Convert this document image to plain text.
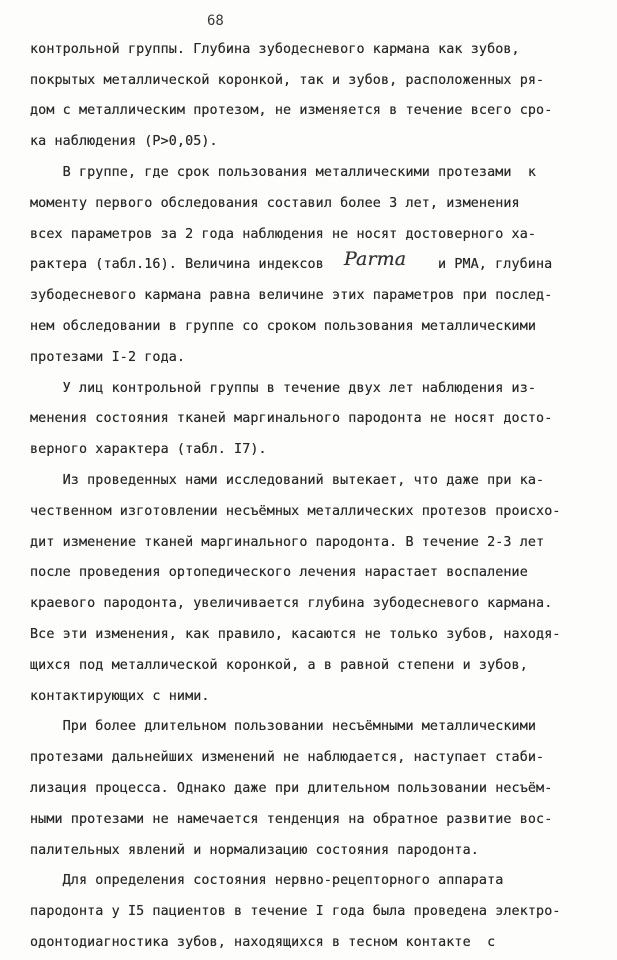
68
контрольной группы. Глубина зубодесневого кармана как зубов,
покрытых металлической коронкой, так и зубов, расположенных ря-
дом с металлическим протезом, не изменяется в течение всего сро-
ка наблюдения (P>0,05).
В группе, где срок пользования металлическими протезами  к
моменту первого обследования составил более 3 лет, изменения
всех параметров за 2 года наблюдения не носят достоверного ха-
рактера (табл.16). Величина индексов Parma и PMA, глубина
зубодесневого кармана равна величине этих параметров при послед-
нем обследовании в группе со сроком пользования металлическими
протезами I-2 года.
У лиц контрольной группы в течение двух лет наблюдения из-
менения состояния тканей маргинального пародонта не носят досто-
верного характера (табл. I7).
Из проведенных нами исследований вытекает, что даже при ка-
чественном изготовлении несъёмных металлических протезов происхо-
дит изменение тканей маргинального пародонта. В течение 2-3 лет
после проведения ортопедического лечения нарастает воспаление
краевого пародонта, увеличивается глубина зубодесневого кармана.
Все эти изменения, как правило, касаются не только зубов, находя-
щихся под металлической коронкой, а в равной степени и зубов,
контактирующих с ними.
При более длительном пользовании несъёмными металлическими
протезами дальнейших изменений не наблюдается, наступает стаби-
лизация процесса. Однако даже при длительном пользовании несъём-
ными протезами не намечается тенденция на обратное развитие вос-
палительных явлений и нормализацию состояния пародонта.
Для определения состояния нервно-рецепторного аппарата
пародонта у I5 пациентов в течение I года была проведена электро-
одонтодиагностика зубов, находящихся в тесном контакте  с
